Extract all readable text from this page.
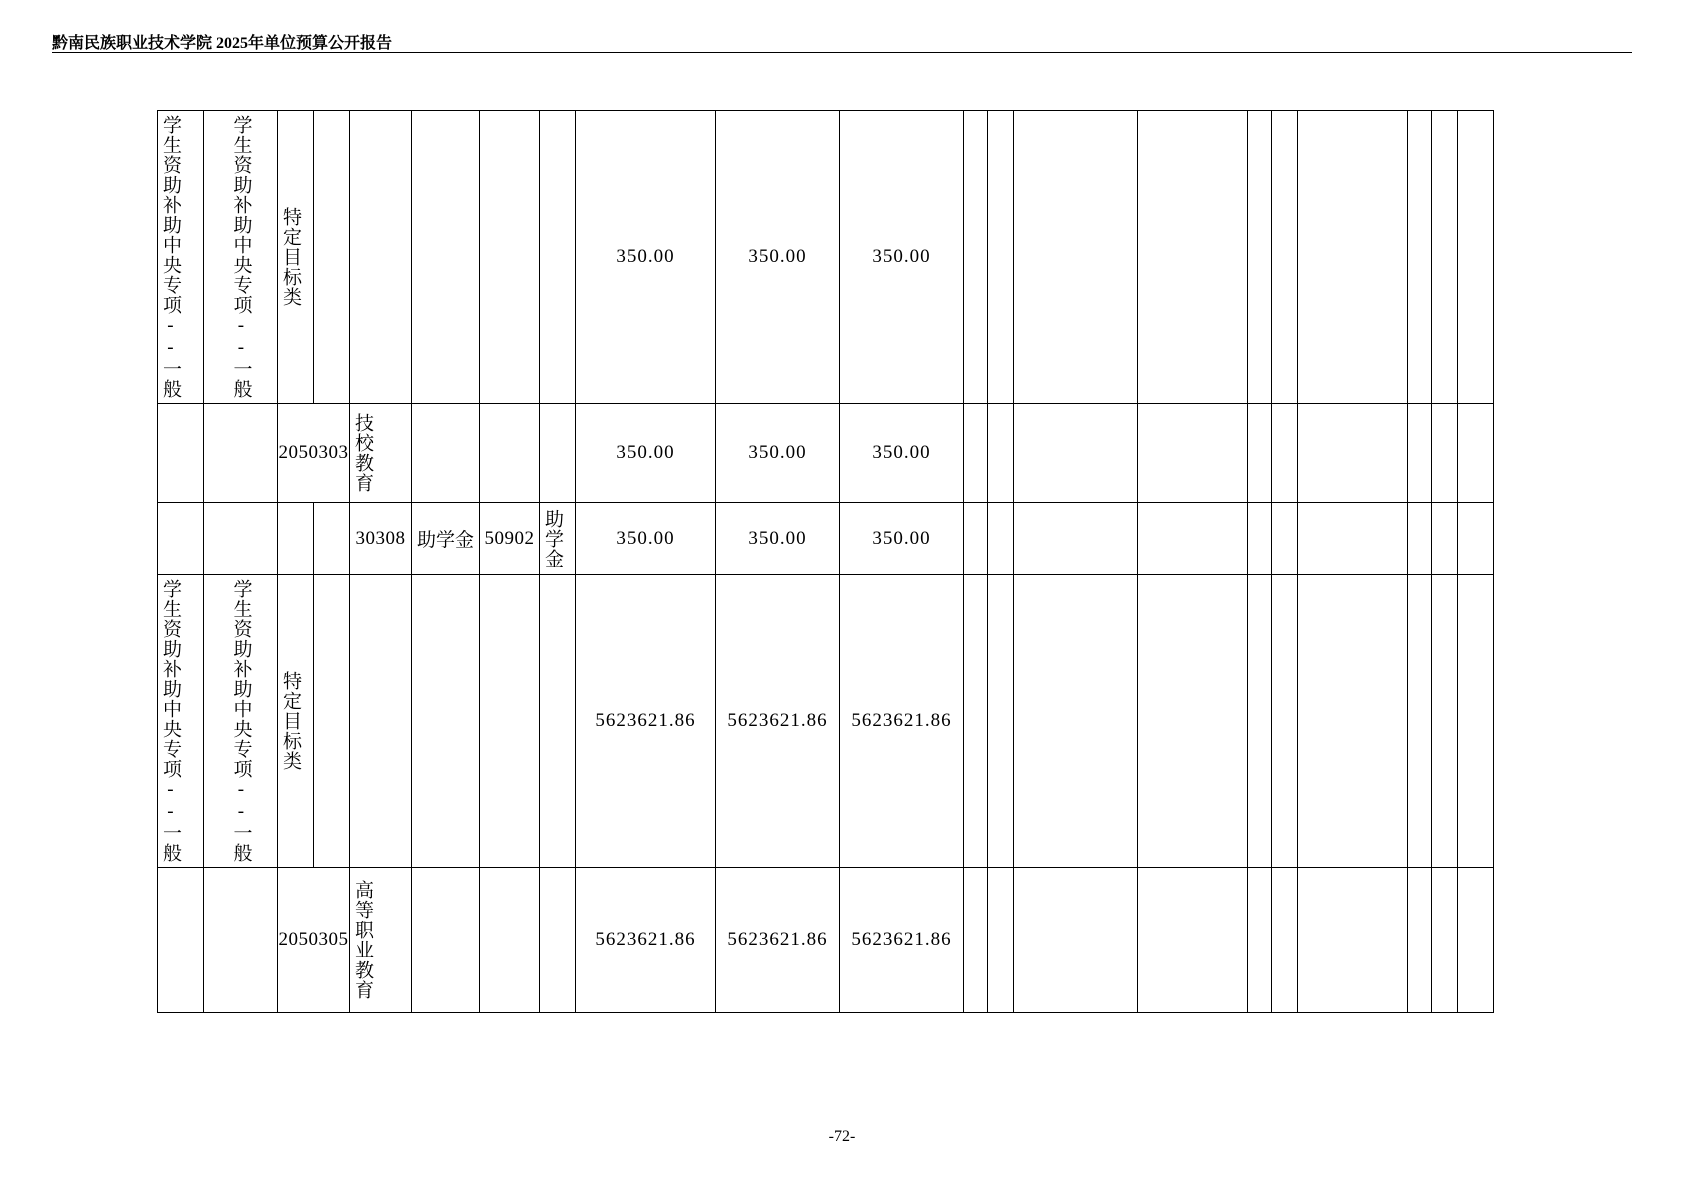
黔南民族职业技术学院 2025年单位预算公开报告
学生资助补助中央专项--一般	学生资助补助中央专项--一般	特定目标类						350.00	350.00	350.00										
		2050303		技校教育				350.00	350.00	350.00										
				30308	助学金	50902	助学金	350.00	350.00	350.00										

学生资助补助中央专项--一般	学生资助补助中央专项--一般	特定目标类						5623621.86	5623621.86	5623621.86										
		2050305		高等职业教育				5623621.86	5623621.86	5623621.86										
-72-
